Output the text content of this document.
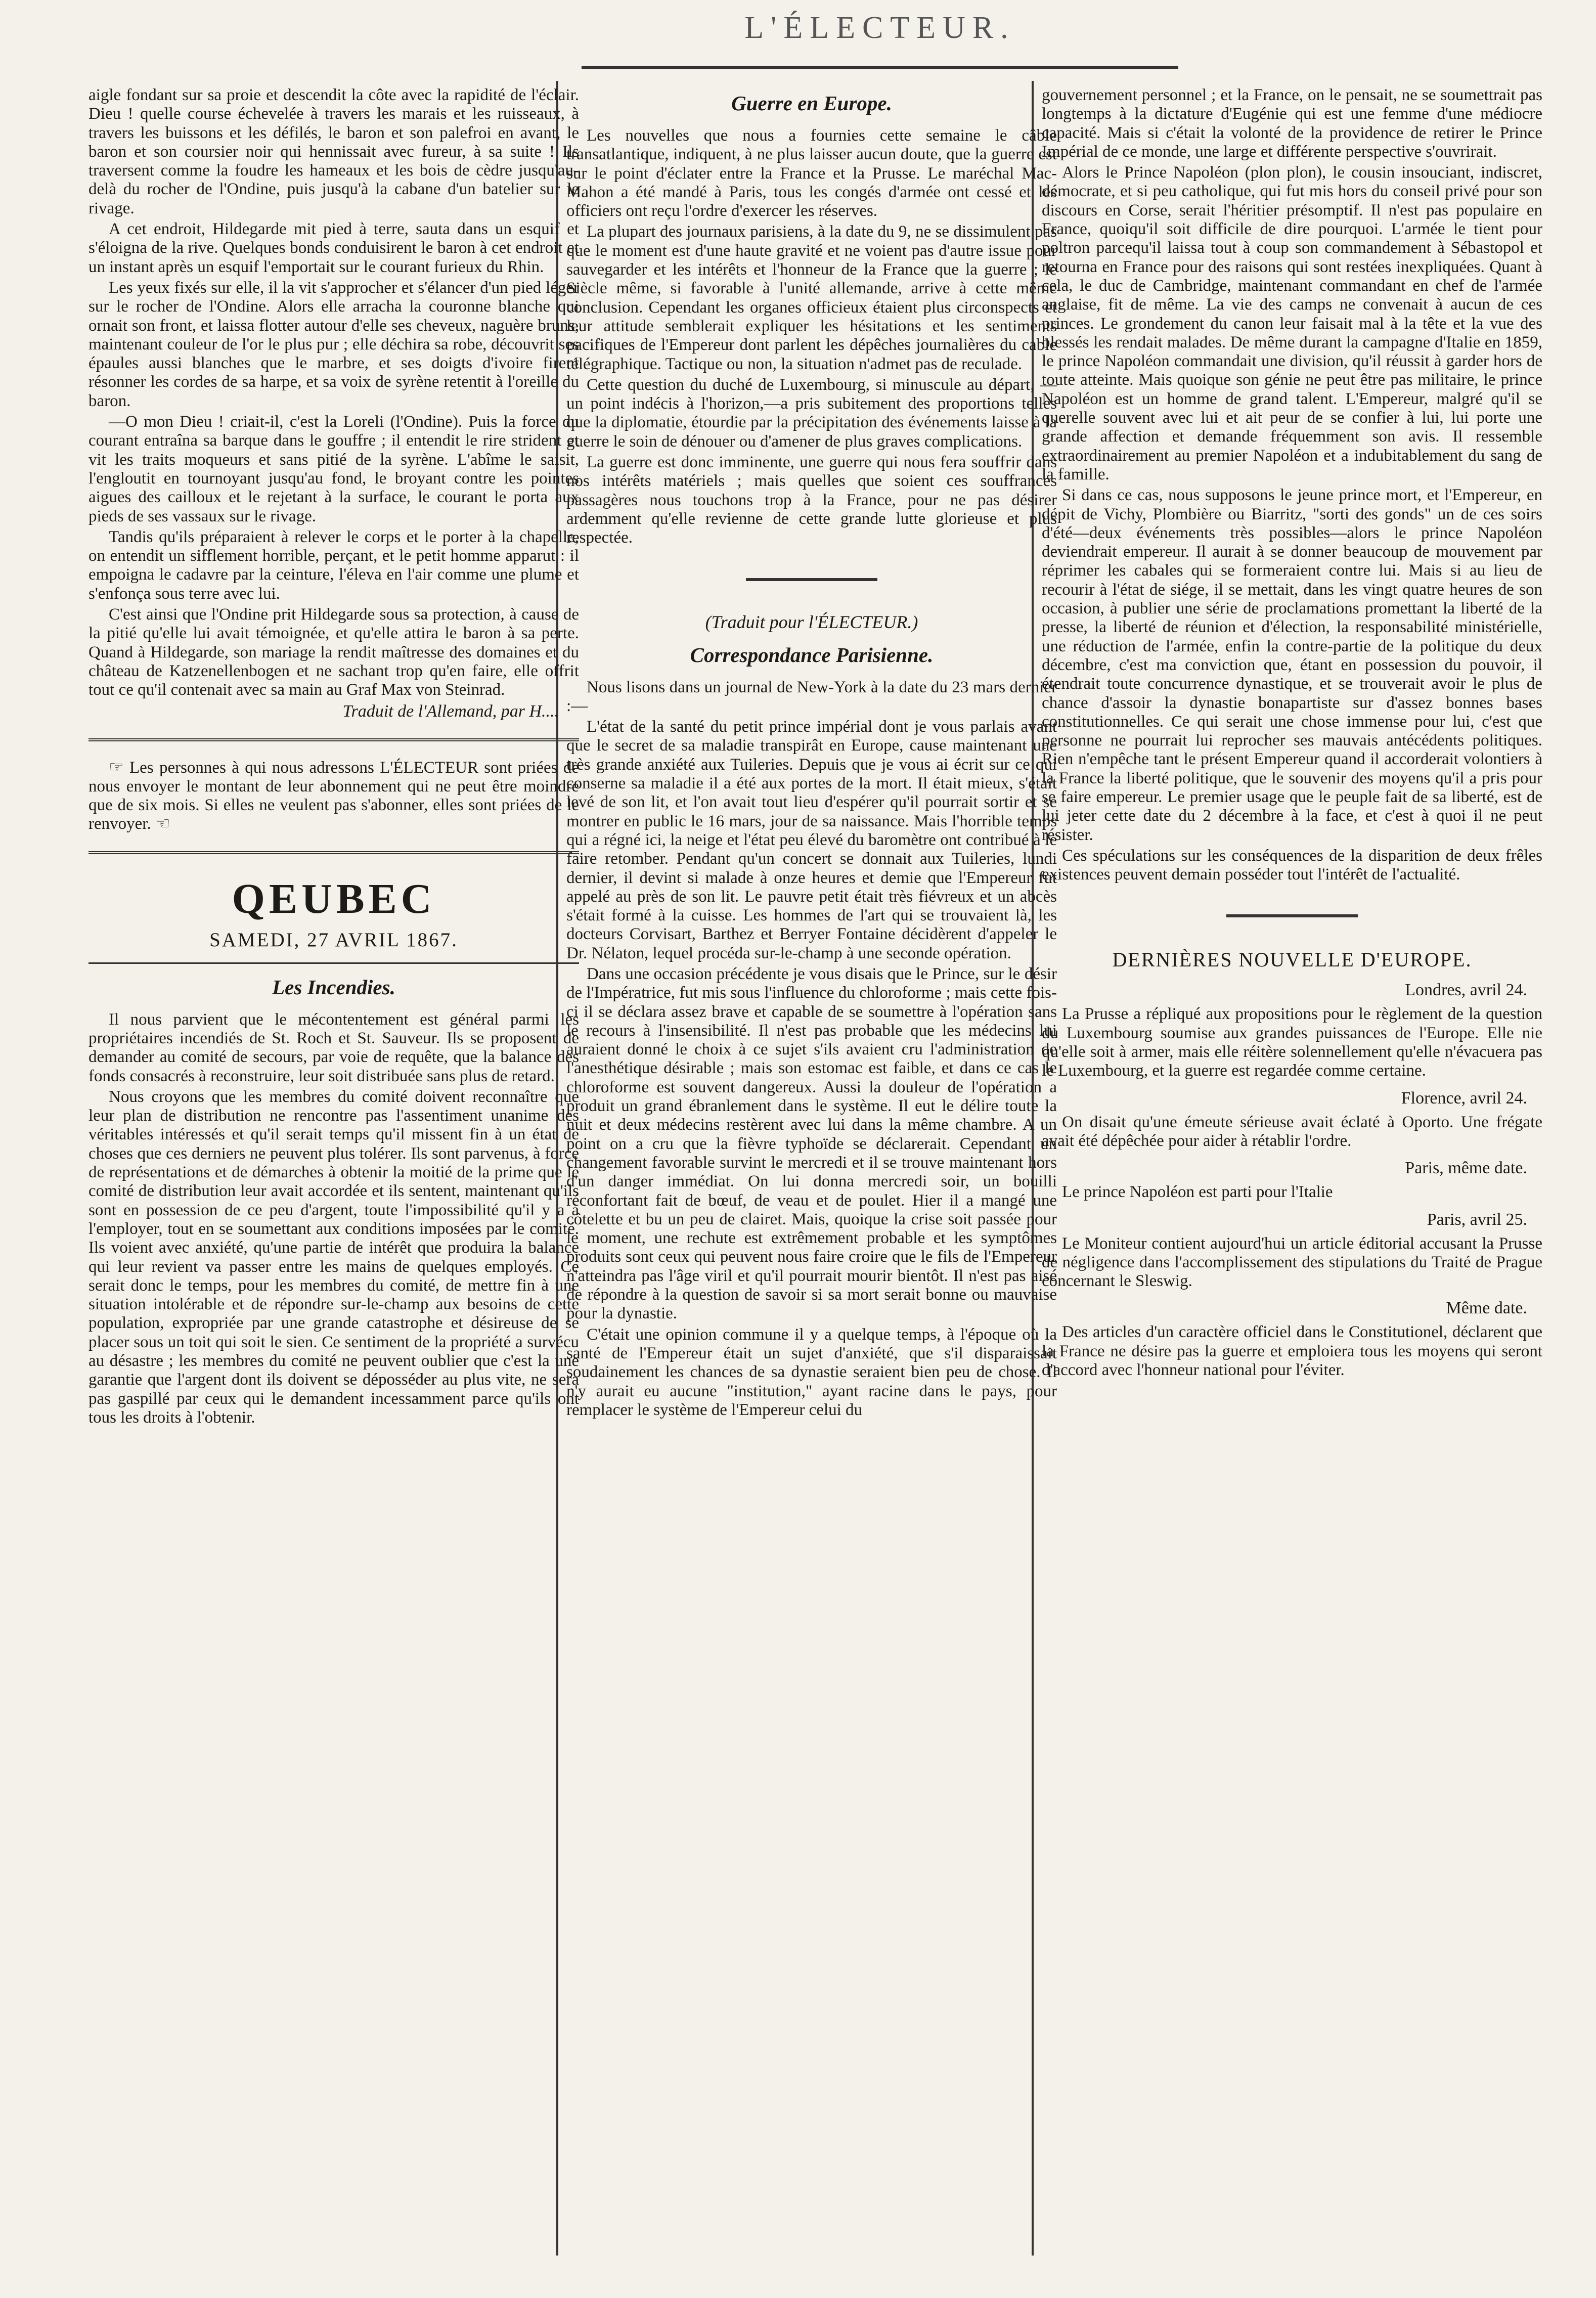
L'ÉLECTEUR.

aigle fondant sur sa proie et descendit la côte avec la rapidité de l'éclair. Dieu ! quelle course échevelée à travers les marais et les ruisseaux, à travers les buissons et les défilés, le baron et son palefroi en avant, le baron et son coursier noir qui hennissait avec fureur, à sa suite ! Ils traversent comme la foudre les hameaux et les bois de cèdre jusqu'au-delà du rocher de l'Ondine, puis jusqu'à la cabane d'un batelier sur le rivage.

A cet endroit, Hildegarde mit pied à terre, sauta dans un esquif et s'éloigna de la rive. Quelques bonds conduisirent le baron à cet endroit et un instant après un esquif l'emportait sur le courant furieux du Rhin.

Les yeux fixés sur elle, il la vit s'approcher et s'élancer d'un pied léger sur le rocher de l'Ondine. Alors elle arracha la couronne blanche qui ornait son front, et laissa flotter autour d'elle ses cheveux, naguère bruns, maintenant couleur de l'or le plus pur ; elle déchira sa robe, découvrit ses épaules aussi blanches que le marbre, et ses doigts d'ivoire firent résonner les cordes de sa harpe, et sa voix de syrène retentit à l'oreille du baron.

—O mon Dieu ! criait-il, c'est la Loreli (l'Ondine). Puis la force du courant entraîna sa barque dans le gouffre ; il entendit le rire strident et vit les traits moqueurs et sans pitié de la syrène. L'abîme le saisit, l'engloutit en tournoyant jusqu'au fond, le broyant contre les pointes aigues des cailloux et le rejetant à la surface, le courant le porta aux pieds de ses vassaux sur le rivage.

Tandis qu'ils préparaient à relever le corps et le porter à la chapelle, on entendit un sifflement horrible, perçant, et le petit homme apparut : il empoigna le cadavre par la ceinture, l'éleva en l'air comme une plume et s'enfonça sous terre avec lui.

C'est ainsi que l'Ondine prit Hildegarde sous sa protection, à cause de la pitié qu'elle lui avait témoignée, et qu'elle attira le baron à sa perte. Quand à Hildegarde, son mariage la rendit maîtresse des domaines et du château de Katzenellenbogen et ne sachant trop qu'en faire, elle offrit tout ce qu'il contenait avec sa main au Graf Max von Steinrad.

Traduit de l'Allemand, par H....

☞ Les personnes à qui nous adressons L'ÉLECTEUR sont priées de nous envoyer le montant de leur abonnement qui ne peut être moindre que de six mois. Si elles ne veulent pas s'abonner, elles sont priées de le renvoyer. ☜

QEUBEC
SAMEDI, 27 AVRIL 1867.
Les Incendies.

Il nous parvient que le mécontentement est général parmi les propriétaires incendiés de St. Roch et St. Sauveur. Ils se proposent de demander au comité de secours, par voie de requête, que la balance des fonds consacrés à reconstruire, leur soit distribuée sans plus de retard.

Nous croyons que les membres du comité doivent reconnaître que leur plan de distribution ne rencontre pas l'assentiment unanime des véritables intéressés et qu'il serait temps qu'il missent fin à un état de choses que ces derniers ne peuvent plus tolérer. Ils sont parvenus, à force de représentations et de démarches à obtenir la moitié de la prime que le comité de distribution leur avait accordée et ils sentent, maintenant qu'ils sont en possession de ce peu d'argent, toute l'impossibilité qu'il y a à l'employer, tout en se soumettant aux conditions imposées par le comité. Ils voient avec anxiété, qu'une partie de intérêt que produira la balance qui leur revient va passer entre les mains de quelques employés. Ce serait donc le temps, pour les membres du comité, de mettre fin à une situation intolérable et de répondre sur-le-champ aux besoins de cette population, expropriée par une grande catastrophe et désireuse de se placer sous un toit qui soit le sien. Ce sentiment de la propriété a survécu au désastre ; les membres du comité ne peuvent oublier que c'est la une garantie que l'argent dont ils doivent se déposséder au plus vite, ne sera pas gaspillé par ceux qui le demandent incessamment parce qu'ils ont tous les droits à l'obtenir.

Guerre en Europe.

Les nouvelles que nous a fournies cette semaine le câble transatlantique, indiquent, à ne plus laisser aucun doute, que la guerre est sur le point d'éclater entre la France et la Prusse. Le maréchal Mac-Mahon a été mandé à Paris, tous les congés d'armée ont cessé et les officiers ont reçu l'ordre d'exercer les réserves.

La plupart des journaux parisiens, à la date du 9, ne se dissimulent pas que le moment est d'une haute gravité et ne voient pas d'autre issue pour sauvegarder et les intérêts et l'honneur de la France que la guerre ; le Siècle même, si favorable à l'unité allemande, arrive à cette même conclusion. Cependant les organes officieux étaient plus circonspects et leur attitude semblerait expliquer les hésitations et les sentiments pacifiques de l'Empereur dont parlent les dépêches journalières du cable télégraphique. Tactique ou non, la situation n'admet pas de reculade.

Cette question du duché de Luxembourg, si minuscule au départ, —un point indécis à l'horizon,—a pris subitement des proportions telles que la diplomatie, étourdie par la précipitation des événements laisse à la guerre le soin de dénouer ou d'amener de plus graves complications.

La guerre est donc imminente, une guerre qui nous fera souffrir dans nos intérêts matériels ; mais quelles que soient ces souffrances passagères nous touchons trop à la France, pour ne pas désirer ardemment qu'elle revienne de cette grande lutte glorieuse et plus respectée.

(Traduit pour l'ÉLECTEUR.)
Correspondance Parisienne.

Nous lisons dans un journal de New-York à la date du 23 mars dernier :—

L'état de la santé du petit prince impérial dont je vous parlais avant que le secret de sa maladie transpirât en Europe, cause maintenant une très grande anxiété aux Tuileries. Depuis que je vous ai écrit sur ce qui conserne sa maladie il a été aux portes de la mort. Il était mieux, s'était levé de son lit, et l'on avait tout lieu d'espérer qu'il pourrait sortir et se montrer en public le 16 mars, jour de sa naissance. Mais l'horrible temps qui a régné ici, la neige et l'état peu élevé du baromètre ont contribué à le faire retomber. Pendant qu'un concert se donnait aux Tuileries, lundi dernier, il devint si malade à onze heures et demie que l'Empereur fut appelé au près de son lit. Le pauvre petit était très fiévreux et un abcès s'était formé à la cuisse. Les hommes de l'art qui se trouvaient là, les docteurs Corvisart, Barthez et Berryer Fontaine décidèrent d'appeler le Dr. Nélaton, lequel procéda sur-le-champ à une seconde opération.

Dans une occasion précédente je vous disais que le Prince, sur le désir de l'Impératrice, fut mis sous l'influence du chloroforme ; mais cette fois-ci il se déclara assez brave et capable de se soumettre à l'opération sans le recours à l'insensibilité. Il n'est pas probable que les médecins lui auraient donné le choix à ce sujet s'ils avaient cru l'administration de l'anesthétique désirable ; mais son estomac est faible, et dans ce cas le chloroforme est souvent dangereux. Aussi la douleur de l'opération a produit un grand ébranlement dans le système. Il eut le délire toute la nuit et deux médecins restèrent avec lui dans la même chambre. A un point on a cru que la fièvre typhoïde se déclarerait. Cependant un changement favorable survint le mercredi et il se trouve maintenant hors d'un danger immédiat. On lui donna mercredi soir, un bouilli réconfortant fait de bœuf, de veau et de poulet. Hier il a mangé une côtelette et bu un peu de clairet. Mais, quoique la crise soit passée pour le moment, une rechute est extrêmement probable et les symptômes produits sont ceux qui peuvent nous faire croire que le fils de l'Empereur n'atteindra pas l'âge viril et qu'il pourrait mourir bientôt. Il n'est pas aisé de répondre à la question de savoir si sa mort serait bonne ou mauvaise pour la dynastie.

C'était une opinion commune il y a quelque temps, à l'époque où la santé de l'Empereur était un sujet d'anxiété, que s'il disparaissait soudainement les chances de sa dynastie seraient bien peu de chose. Il n'y aurait eu aucune "institution," ayant racine dans le pays, pour remplacer le système de l'Empereur celui du

gouvernement personnel ; et la France, on le pensait, ne se soumettrait pas longtemps à la dictature d'Eugénie qui est une femme d'une médiocre capacité. Mais si c'était la volonté de la providence de retirer le Prince Impérial de ce monde, une large et différente perspective s'ouvrirait.

Alors le Prince Napoléon (plon plon), le cousin insouciant, indiscret, démocrate, et si peu catholique, qui fut mis hors du conseil privé pour son discours en Corse, serait l'héritier présomptif. Il n'est pas populaire en France, quoiqu'il soit difficile de dire pourquoi. L'armée le tient pour poltron parcequ'il laissa tout à coup son commandement à Sébastopol et retourna en France pour des raisons qui sont restées inexpliquées. Quant à cela, le duc de Cambridge, maintenant commandant en chef de l'armée anglaise, fit de même. La vie des camps ne convenait à aucun de ces princes. Le grondement du canon leur faisait mal à la tête et la vue des blessés les rendait malades. De même durant la campagne d'Italie en 1859, le prince Napoléon commandait une division, qu'il réussit à garder hors de toute atteinte. Mais quoique son génie ne peut être pas militaire, le prince Napoléon est un homme de grand talent. L'Empereur, malgré qu'il se querelle souvent avec lui et ait peur de se confier à lui, lui porte une grande affection et demande fréquemment son avis. Il ressemble extraordinairement au premier Napoléon et a indubitablement du sang de la famille.

Si dans ce cas, nous supposons le jeune prince mort, et l'Empereur, en dépit de Vichy, Plombière ou Biarritz, "sorti des gonds" un de ces soirs d'été—deux événements très possibles—alors le prince Napoléon deviendrait empereur. Il aurait à se donner beaucoup de mouvement par réprimer les cabales qui se formeraient contre lui. Mais si au lieu de recourir à l'état de siége, il se mettait, dans les vingt quatre heures de son occasion, à publier une série de proclamations promettant la liberté de la presse, la liberté de réunion et d'élection, la responsabilité ministérielle, une réduction de l'armée, enfin la contre-partie de la politique du deux décembre, c'est ma conviction que, étant en possession du pouvoir, il étendrait toute concurrence dynastique, et se trouverait avoir le plus de chance d'assoir la dynastie bonapartiste sur d'assez bonnes bases constitutionnelles. Ce qui serait une chose immense pour lui, c'est que personne ne pourrait lui reprocher ses mauvais antécédents politiques. Rien n'empêche tant le présent Empereur quand il accorderait volontiers à la France la liberté politique, que le souvenir des moyens qu'il a pris pour se faire empereur. Le premier usage que le peuple fait de sa liberté, est de lui jeter cette date du 2 décembre à la face, et c'est à quoi il ne peut résister.

Ces spéculations sur les conséquences de la disparition de deux frêles existences peuvent demain posséder tout l'intérêt de l'actualité.

DERNIÈRES NOUVELLE D'EUROPE.
Londres, avril 24.

La Prusse a répliqué aux propositions pour le règlement de la question du Luxembourg soumise aux grandes puissances de l'Europe. Elle nie qu'elle soit à armer, mais elle réitère solennellement qu'elle n'évacuera pas le Luxembourg, et la guerre est regardée comme certaine.

Florence, avril 24.

On disait qu'une émeute sérieuse avait éclaté à Oporto. Une frégate avait été dépêchée pour aider à rétablir l'ordre.

Paris, même date.

Le prince Napoléon est parti pour l'Italie

Paris, avril 25.

Le Moniteur contient aujourd'hui un article éditorial accusant la Prusse de négligence dans l'accomplissement des stipulations du Traité de Prague concernant le Sleswig.

Même date.

Des articles d'un caractère officiel dans le Constitutionel, déclarent que la France ne désire pas la guerre et emploiera tous les moyens qui seront d'accord avec l'honneur national pour l'éviter.
